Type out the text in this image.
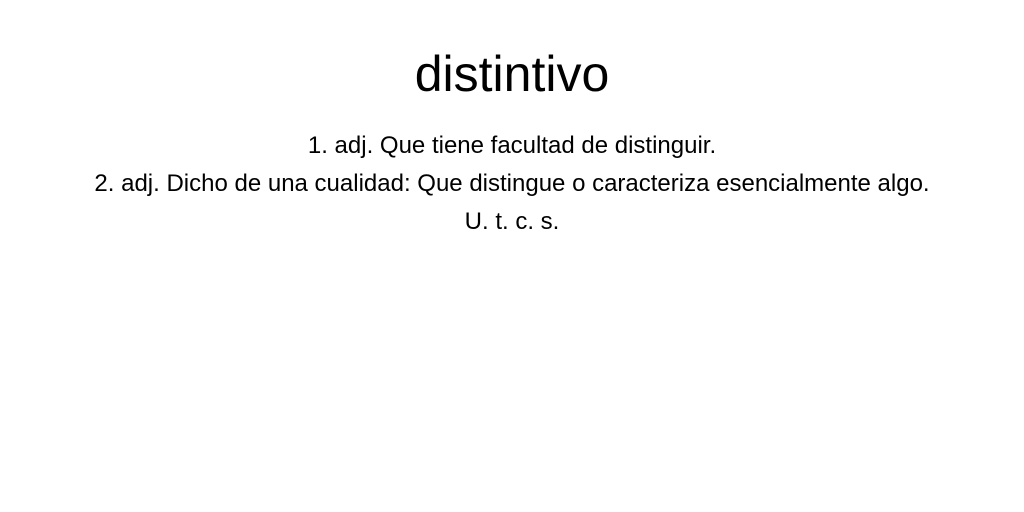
distintivo
1. adj. Que tiene facultad de distinguir.
2. adj. Dicho de una cualidad: Que distingue o caracteriza esencialmente algo.
U. t. c. s.
